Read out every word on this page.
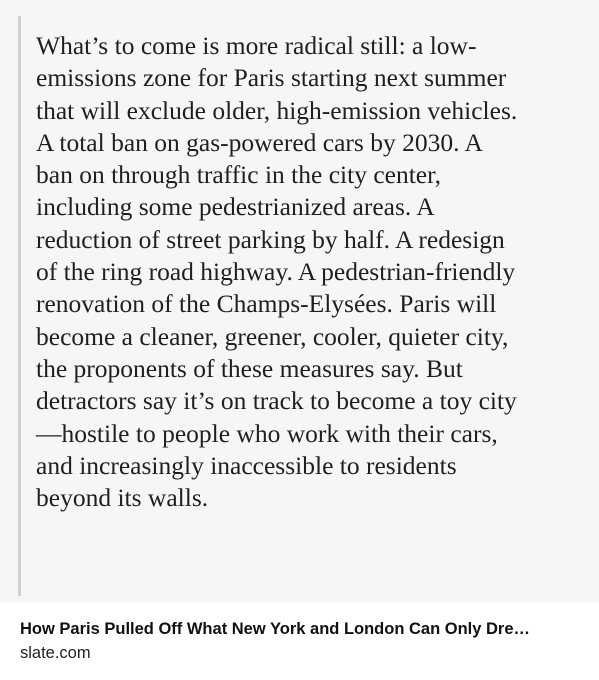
What’s to come is more radical still: a low-
emissions zone for Paris starting next summer
that will exclude older, high-emission vehicles.
A total ban on gas-powered cars by 2030. A
ban on through traffic in the city center,
including some pedestrianized areas. A
reduction of street parking by half. A redesign
of the ring road highway. A pedestrian-friendly
renovation of the Champs-Elysées. Paris will
become a cleaner, greener, cooler, quieter city,
the proponents of these measures say. But
detractors say it’s on track to become a toy city
—hostile to people who work with their cars,
and increasingly inaccessible to residents
beyond its walls.
How Paris Pulled Off What New York and London Can Only Dre…
slate.com
